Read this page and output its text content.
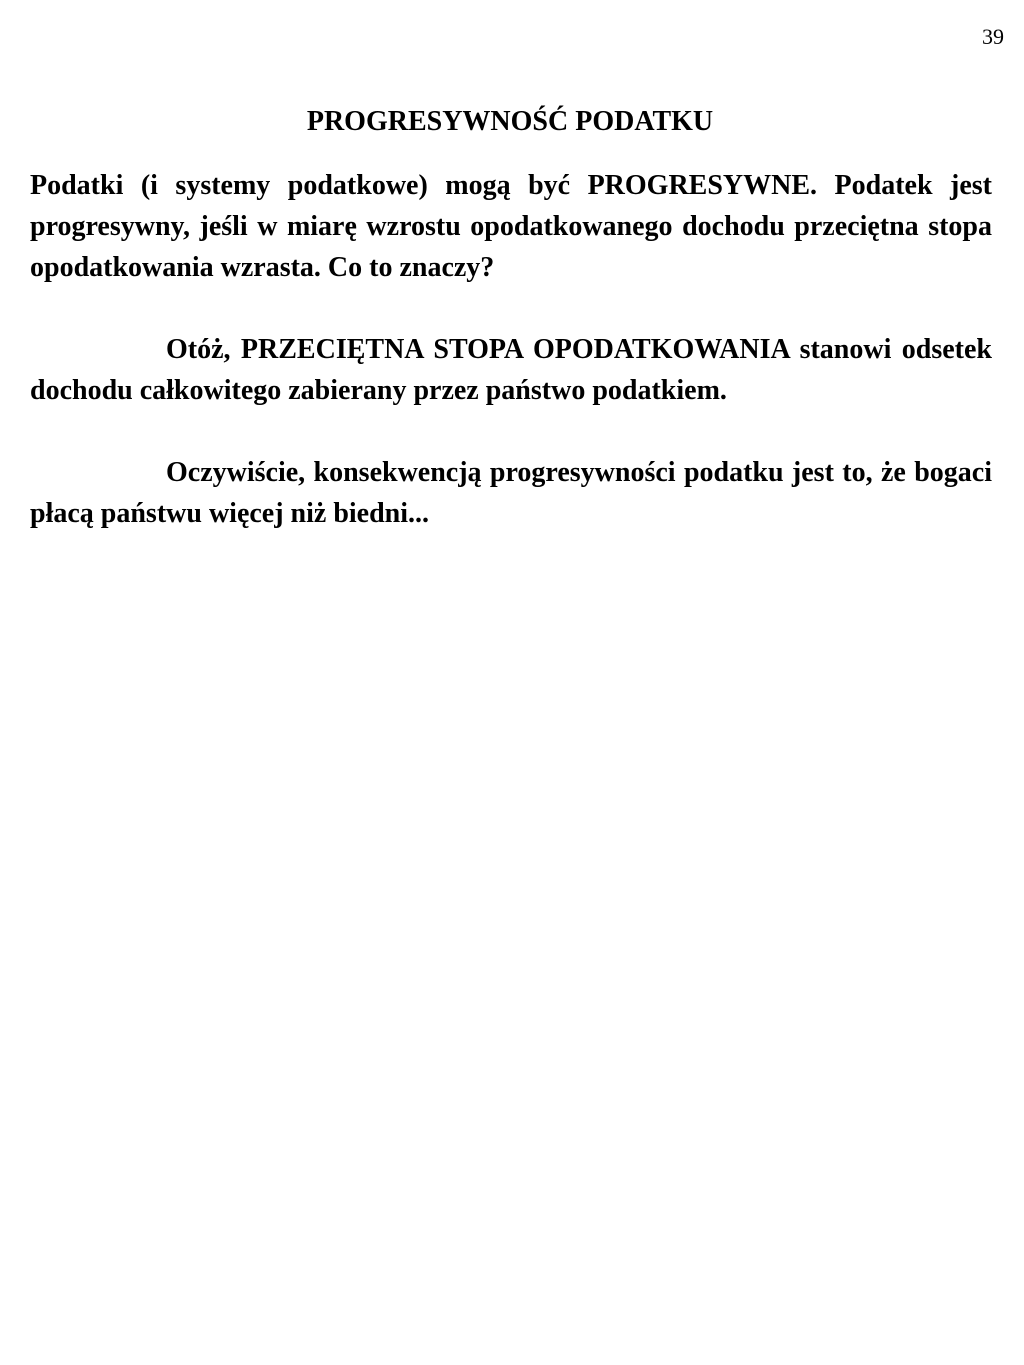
39
PROGRESYWNOŚĆ PODATKU

Podatki (i systemy podatkowe) mogą być PROGRESYWNE. Podatek jest progresywny, jeśli w miarę wzrostu opodatkowanego dochodu przeciętna stopa opodatkowania wzrasta. Co to znaczy?

Otóż, PRZECIĘTNA STOPA OPODATKOWANIA stanowi odsetek dochodu całkowitego zabierany przez państwo podatkiem.

Oczywiście, konsekwencją progresywności podatku jest to, że bogaci płacą państwu więcej niż biedni...
